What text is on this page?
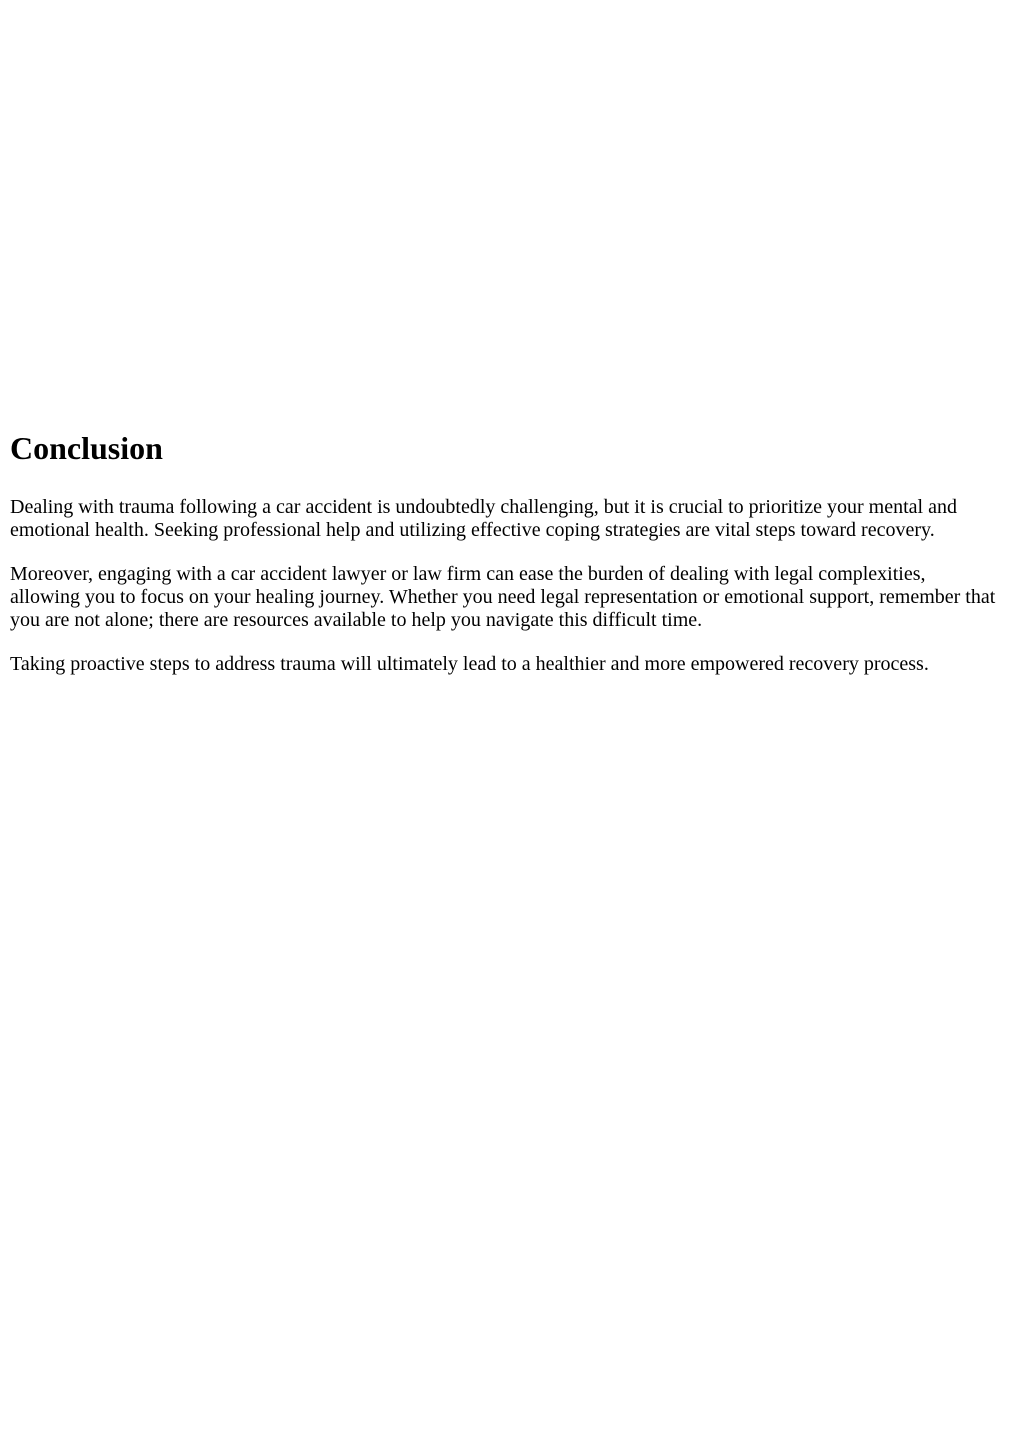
Conclusion

Dealing with trauma following a car accident is undoubtedly challenging, but it is crucial to prioritize your mental and emotional health. Seeking professional help and utilizing effective coping strategies are vital steps toward recovery.

Moreover, engaging with a car accident lawyer or law firm can ease the burden of dealing with legal complexities, allowing you to focus on your healing journey. Whether you need legal representation or emotional support, remember that you are not alone; there are resources available to help you navigate this difficult time.

Taking proactive steps to address trauma will ultimately lead to a healthier and more empowered recovery process.
